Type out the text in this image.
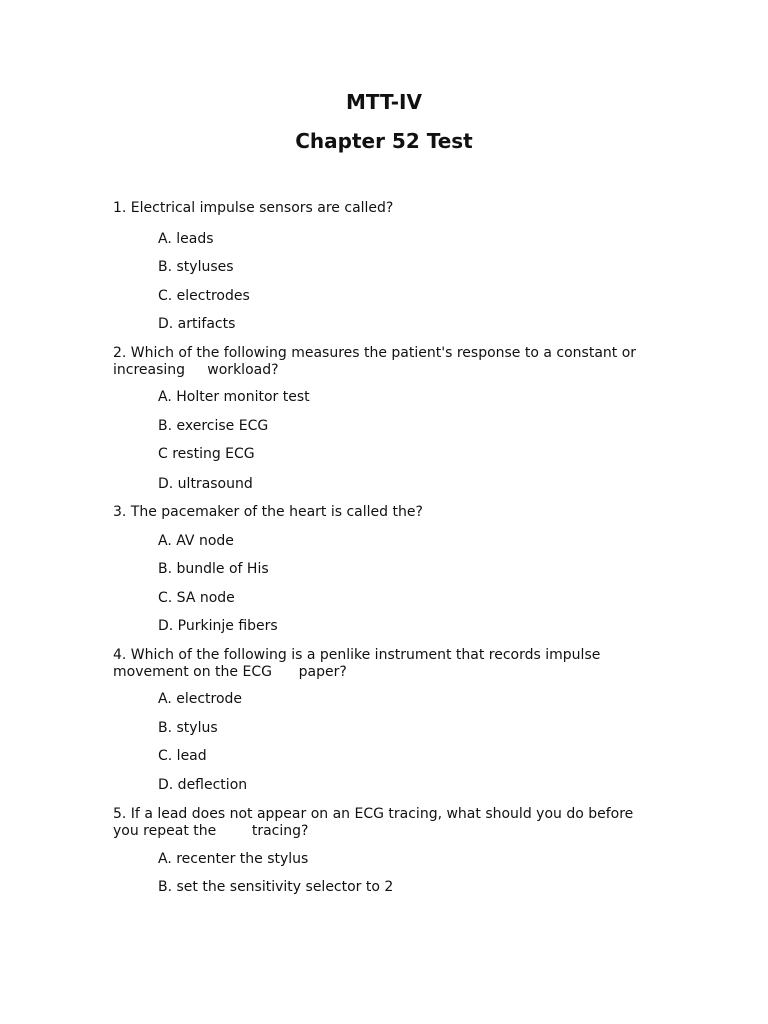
MTT-IV
Chapter 52 Test

1. Electrical impulse sensors are called?

A. leads

B. styluses

C. electrodes

D. artifacts

2. Which of the following measures the patient's response to a constant or increasing     workload?

A. Holter monitor test

B. exercise ECG

C resting ECG

D. ultrasound

3. The pacemaker of the heart is called the?

A. AV node

B. bundle of His

C. SA node

D. Purkinje fibers

4. Which of the following is a penlike instrument that records impulse movement on the ECG      paper?

A. electrode

B. stylus

C. lead

D. deflection

5. If a lead does not appear on an ECG tracing, what should you do before you repeat the        tracing?

A. recenter the stylus

B. set the sensitivity selector to 2
